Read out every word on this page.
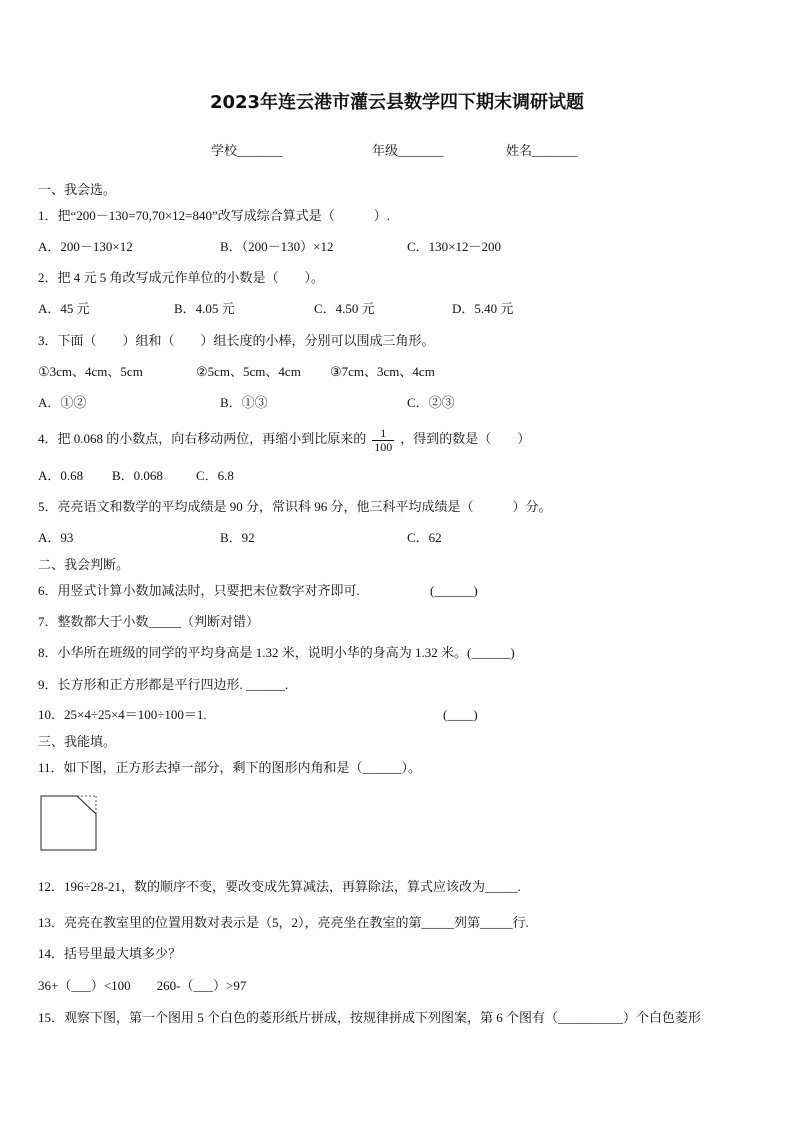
2023年连云港市灌云县数学四下期末调研试题
学校_______	年级_______	姓名_______
一、我会选。
1．把“200－130=70,70×12=840”改写成综合算式是（　　　）.
A．200－130×12	B．（200－130）×12	C．130×12－200
2．把 4 元 5 角改写成元作单位的小数是（　　）。
A．45 元	B．4.05 元	C．4.50 元	D．5.40 元
3．下面（　　）组和（　　）组长度的小棒，分别可以围成三角形。
①3cm、4cm、5cm	②5cm、5cm、4cm ③7cm、3cm、4cm
A．①②	B．①③	C．②③
4．把 0.068 的小数点，向右移动两位，再缩小到比原来的 $\frac{1}{100}$ ，得到的数是（　　）
A．0.68 B．0.068	C．6.8
5．亮亮语文和数学的平均成绩是 90 分，常识科 96 分，他三科平均成绩是（　　　）分。
A．93	B．92	C．62
二、我会判断。
6．用竖式计算小数加减法时，只要把末位数字对齐即可.	(______)
7．整数都大于小数_____（判断对错）
8．小华所在班级的同学的平均身高是 1.32 米，说明小华的身高为 1.32 米。(______)
9．长方形和正方形都是平行四边形. ______.
10．25×4÷25×4＝100÷100＝1.	(____)
三、我能填。
11．如下图，正方形去掉一部分，剩下的图形内角和是（______）。
12．196÷28-21，数的顺序不变，要改变成先算减法，再算除法，算式应该改为_____.
13．亮亮在教室里的位置用数对表示是（5，2），亮亮坐在教室的第_____列第_____行.
14．括号里最大填多少？
36+（___）<100　　260-（___）>97
15．观察下图，第一个图用 5 个白色的菱形纸片拼成，按规律拼成下列图案，第 6 个图有（__________）个白色菱形
